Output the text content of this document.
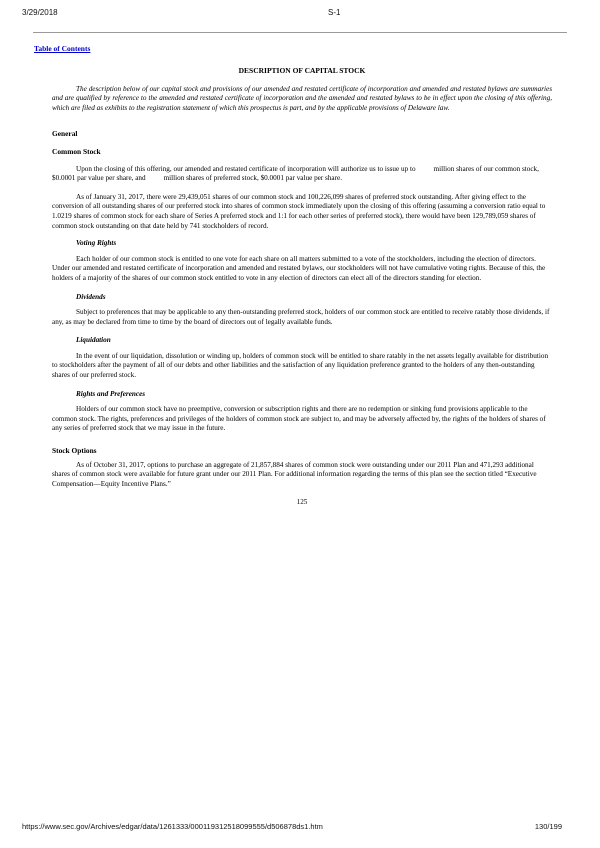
3/29/2018	S-1
Table of Contents
DESCRIPTION OF CAPITAL STOCK

The description below of our capital stock and provisions of our amended and restated certificate of incorporation and amended and restated bylaws are summaries and are qualified by reference to the amended and restated certificate of incorporation and the amended and restated bylaws to be in effect upon the closing of this offering, which are filed as exhibits to the registration statement of which this prospectus is part, and by the applicable provisions of Delaware law.

General
Common Stock

Upon the closing of this offering, our amended and restated certificate of incorporation will authorize us to issue up to          million shares of our common stock, $0.0001 par value per share, and          million shares of preferred stock, $0.0001 par value per share.

As of January 31, 2017, there were 29,439,051 shares of our common stock and 100,226,099 shares of preferred stock outstanding. After giving effect to the conversion of all outstanding shares of our preferred stock into shares of common stock immediately upon the closing of this offering (assuming a conversion ratio equal to 1.0219 shares of common stock for each share of Series A preferred stock and 1:1 for each other series of preferred stock), there would have been 129,789,059 shares of common stock outstanding on that date held by 741 stockholders of record.

Voting Rights

Each holder of our common stock is entitled to one vote for each share on all matters submitted to a vote of the stockholders, including the election of directors. Under our amended and restated certificate of incorporation and amended and restated bylaws, our stockholders will not have cumulative voting rights. Because of this, the holders of a majority of the shares of our common stock entitled to vote in any election of directors can elect all of the directors standing for election.

Dividends

Subject to preferences that may be applicable to any then-outstanding preferred stock, holders of our common stock are entitled to receive ratably those dividends, if any, as may be declared from time to time by the board of directors out of legally available funds.

Liquidation

In the event of our liquidation, dissolution or winding up, holders of common stock will be entitled to share ratably in the net assets legally available for distribution to stockholders after the payment of all of our debts and other liabilities and the satisfaction of any liquidation preference granted to the holders of any then-outstanding shares of our preferred stock.

Rights and Preferences

Holders of our common stock have no preemptive, conversion or subscription rights and there are no redemption or sinking fund provisions applicable to the common stock. The rights, preferences and privileges of the holders of common stock are subject to, and may be adversely affected by, the rights of the holders of shares of any series of preferred stock that we may issue in the future.

Stock Options

As of October 31, 2017, options to purchase an aggregate of 21,857,884 shares of common stock were outstanding under our 2011 Plan and 471,293 additional shares of common stock were available for future grant under our 2011 Plan. For additional information regarding the terms of this plan see the section titled “Executive Compensation—Equity Incentive Plans.”

125
https://www.sec.gov/Archives/edgar/data/1261333/000119312518099555/d506878ds1.htm	130/199
